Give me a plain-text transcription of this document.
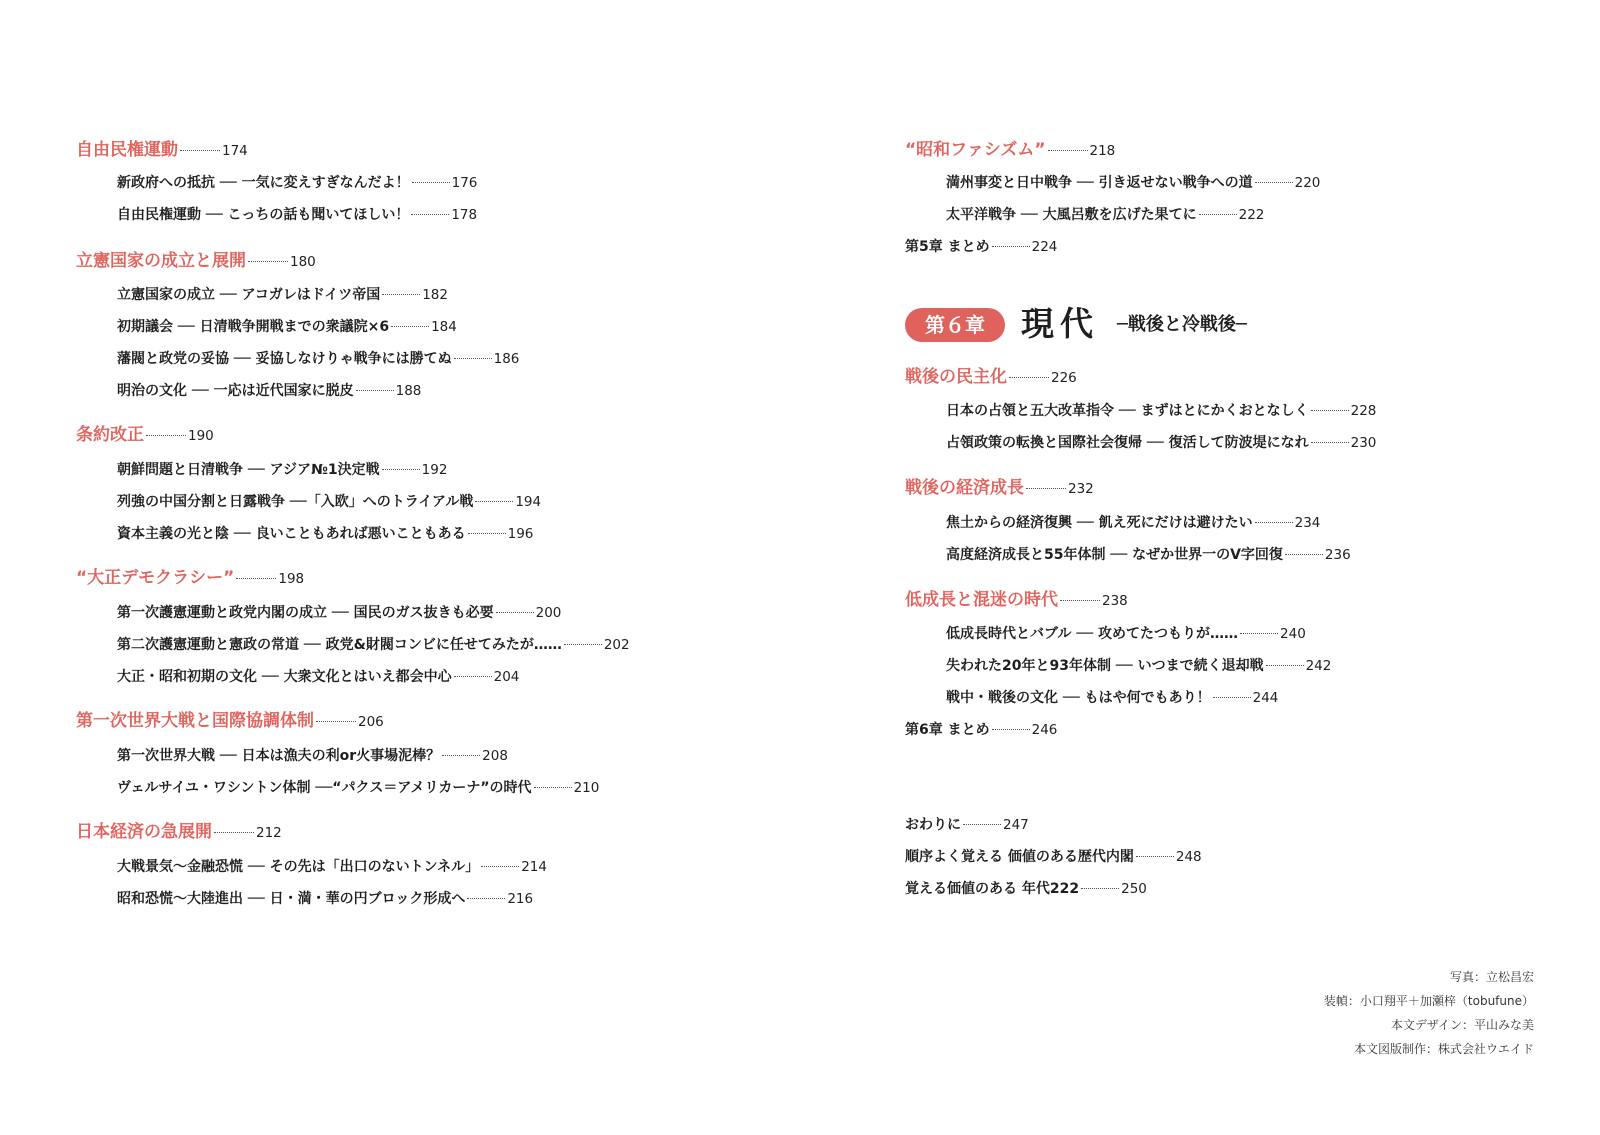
自由民権運動	174
新政府への抵抗 ── 一気に変えすぎなんだよ！	176
自由民権運動 ── こっちの話も聞いてほしい！	178
立憲国家の成立と展開	180
立憲国家の成立 ── アコガレはドイツ帝国	182
初期議会 ── 日清戦争開戦までの衆議院×6	184
藩閥と政党の妥協 ── 妥協しなけりゃ戦争には勝てぬ	186
明治の文化 ── 一応は近代国家に脱皮	188
条約改正	190
朝鮮問題と日清戦争 ── アジア№1決定戦	192
列強の中国分割と日露戦争 ──「入欧」へのトライアル戦	194
資本主義の光と陰 ── 良いこともあれば悪いこともある	196
“大正デモクラシー”	198
第一次護憲運動と政党内閣の成立 ── 国民のガス抜きも必要	200
第二次護憲運動と憲政の常道 ── 政党&財閥コンビに任せてみたが……	202
大正・昭和初期の文化 ── 大衆文化とはいえ都会中心	204
第一次世界大戦と国際協調体制	206
第一次世界大戦 ── 日本は漁夫の利or火事場泥棒？	208
ヴェルサイユ・ワシントン体制 ──“パクス＝アメリカーナ”の時代	210
日本経済の急展開	212
大戦景気～金融恐慌 ── その先は「出口のないトンネル」	214
昭和恐慌～大陸進出 ── 日・満・華の円ブロック形成へ	216
“昭和ファシズム”	218
満州事変と日中戦争 ── 引き返せない戦争への道	220
太平洋戦争 ── 大風呂敷を広げた果てに	222
第5章 まとめ	224
第６章	現代 ─戦後と冷戦後─
戦後の民主化	226
日本の占領と五大改革指令 ── まずはとにかくおとなしく	228
占領政策の転換と国際社会復帰 ── 復活して防波堤になれ	230
戦後の経済成長	232
焦土からの経済復興 ── 飢え死にだけは避けたい	234
高度経済成長と55年体制 ── なぜか世界一のV字回復	236
低成長と混迷の時代	238
低成長時代とバブル ── 攻めてたつもりが……	240
失われた20年と93年体制 ── いつまで続く退却戦	242
戦中・戦後の文化 ── もはや何でもあり！	244
第6章 まとめ	246
おわりに	247
順序よく覚える 価値のある歴代内閣	248
覚える価値のある 年代222	250
写真：立松昌宏
装幀：小口翔平＋加瀬梓（tobufune）
本文デザイン：平山みな美
本文図版制作：株式会社ウエイド
